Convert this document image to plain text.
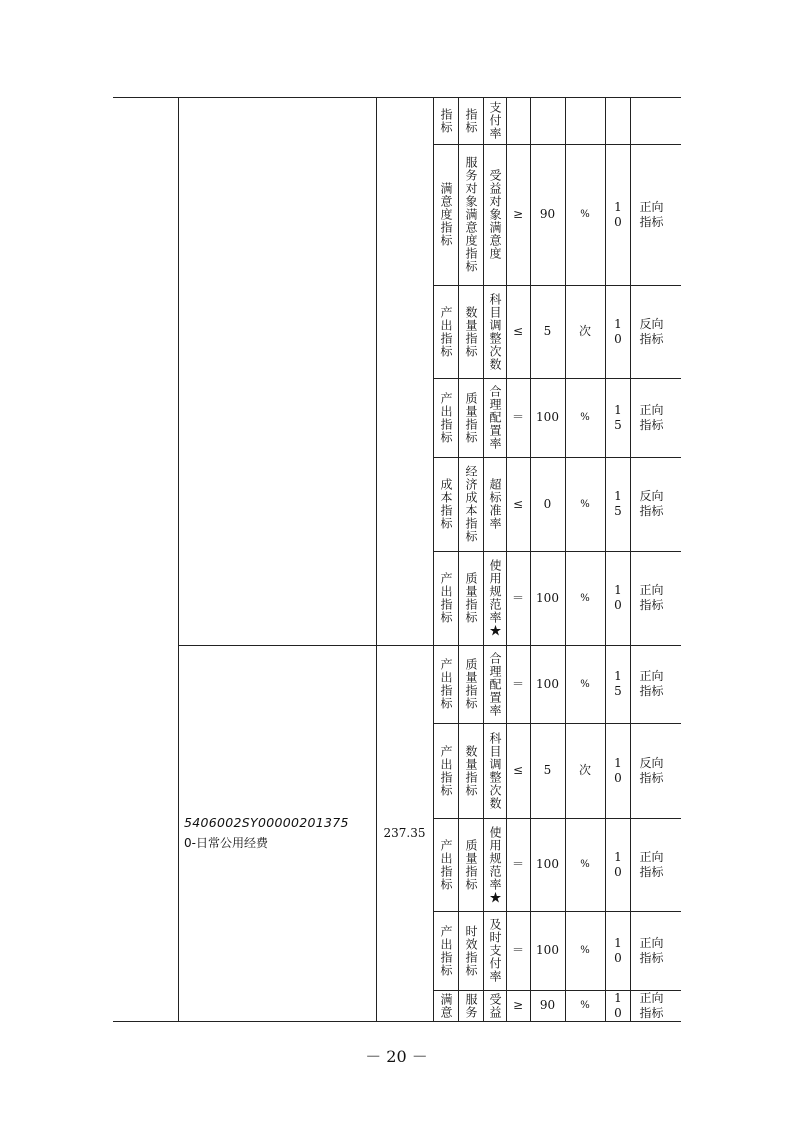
指标 指标 支付率
满意度指标 服务对象满意度指标 受益对象满意度 ≥ 90	% 10 正向指标
产出指标 数量指标 科目调整次数 ≤ 5 次 10 反向指标
产出指标 质量指标 合理配置率 ＝ 100 % 15 正向指标
成本指标 经济成本指标 超标准率 ≤ 0	% 15 反向指标
产出指标 质量指标 使用规范率★ ＝ 100 % 10 正向指标
产出指标 质量指标 合理配置率 ＝ 100 % 15 正向指标
产出指标 数量指标 科目调整次数 ≤ 5 次 10 反向指标
产出指标 质量指标 使用规范率★ ＝ 100 % 10 正向指标
产出指标 时效指标 及时支付率 ＝ 100 % 10 正向指标
满意 服务 受益 ≥ 90	% 10 正向指标
5406002SY00000201375
0-日常公用经费
237.35
－ 20 －
